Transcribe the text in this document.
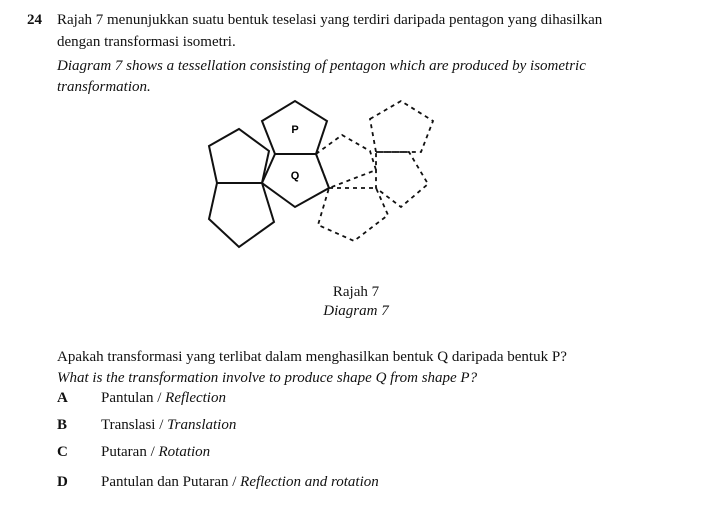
24 Rajah 7 menunjukkan suatu bentuk teselasi yang terdiri daripada pentagon yang dihasilkan
dengan transformasi isometri.
Diagram 7 shows a tessellation consisting of pentagon which are produced by isometric
transformation.
P
Q
Rajah 7
Diagram 7
Apakah transformasi yang terlibat dalam menghasilkan bentuk Q daripada bentuk P?
What is the transformation involve to produce shape Q from shape P?
A Pantulan / Reflection
B Translasi / Translation
C Putaran / Rotation
D Pantulan dan Putaran / Reflection and rotation
